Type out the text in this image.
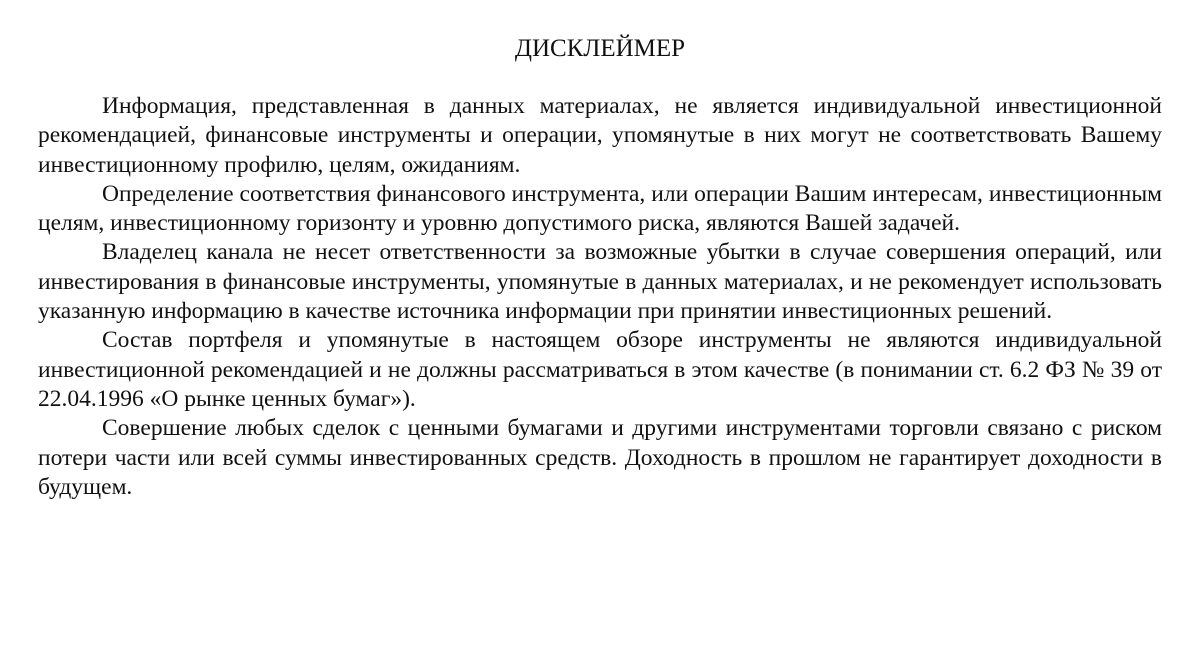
ДИСКЛЕЙМЕР

Информация, представленная в данных материалах, не является индивидуальной инвестиционной рекомендацией, финансовые инструменты и операции, упомянутые в них могут не соответствовать Вашему инвестиционному профилю, целям, ожиданиям.

Определение соответствия финансового инструмента, или операции Вашим интересам, инвестиционным целям, инвестиционному горизонту и уровню допустимого риска, являются Вашей задачей.

Владелец канала не несет ответственности за возможные убытки в случае совершения операций, или инвестирования в финансовые инструменты, упомянутые в данных материалах, и не рекомендует использовать указанную информацию в качестве источника информации при принятии инвестиционных решений.

Состав портфеля и упомянутые в настоящем обзоре инструменты не являются индивидуальной инвестиционной рекомендацией и не должны рассматриваться в этом качестве (в понимании ст. 6.2 ФЗ № 39 от 22.04.1996 «О рынке ценных бумаг»).

Совершение любых сделок с ценными бумагами и другими инструментами торговли связано с риском потери части или всей суммы инвестированных средств. Доходность в прошлом не гарантирует доходности в будущем.
